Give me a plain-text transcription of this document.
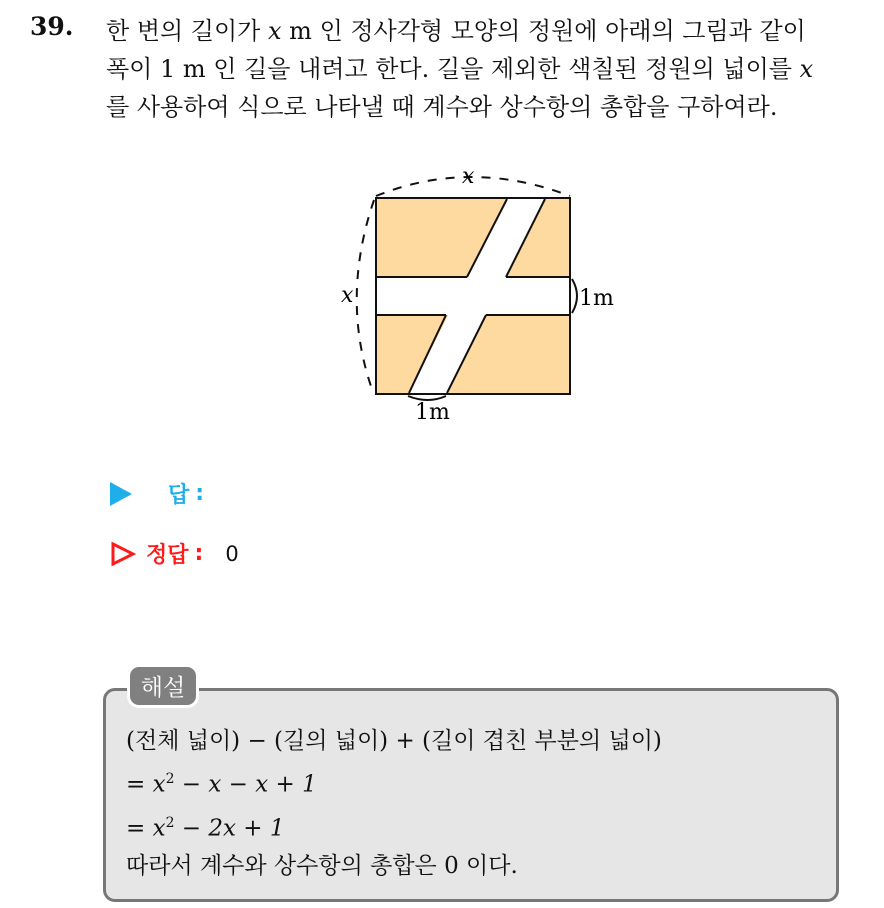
39. 한 변의 길이가 x m 인 정사각형 모양의 정원에 아래의 그림과 같이
폭이 1 m 인 길을 내려고 한다. 길을 제외한 색칠된 정원의 넓이를 x
를 사용하여 식으로 나타낼 때 계수와 상수항의 총합을 구하여라.
x
x	1m
1m
답 :
정답 : 0
해설
(전체 넓이) − (길의 넓이) + (길이 겹친 부분의 넓이)
= $x^2 - x - x + 1$
= $x^2 - 2x + 1$
따라서 계수와 상수항의 총합은 0 이다.
